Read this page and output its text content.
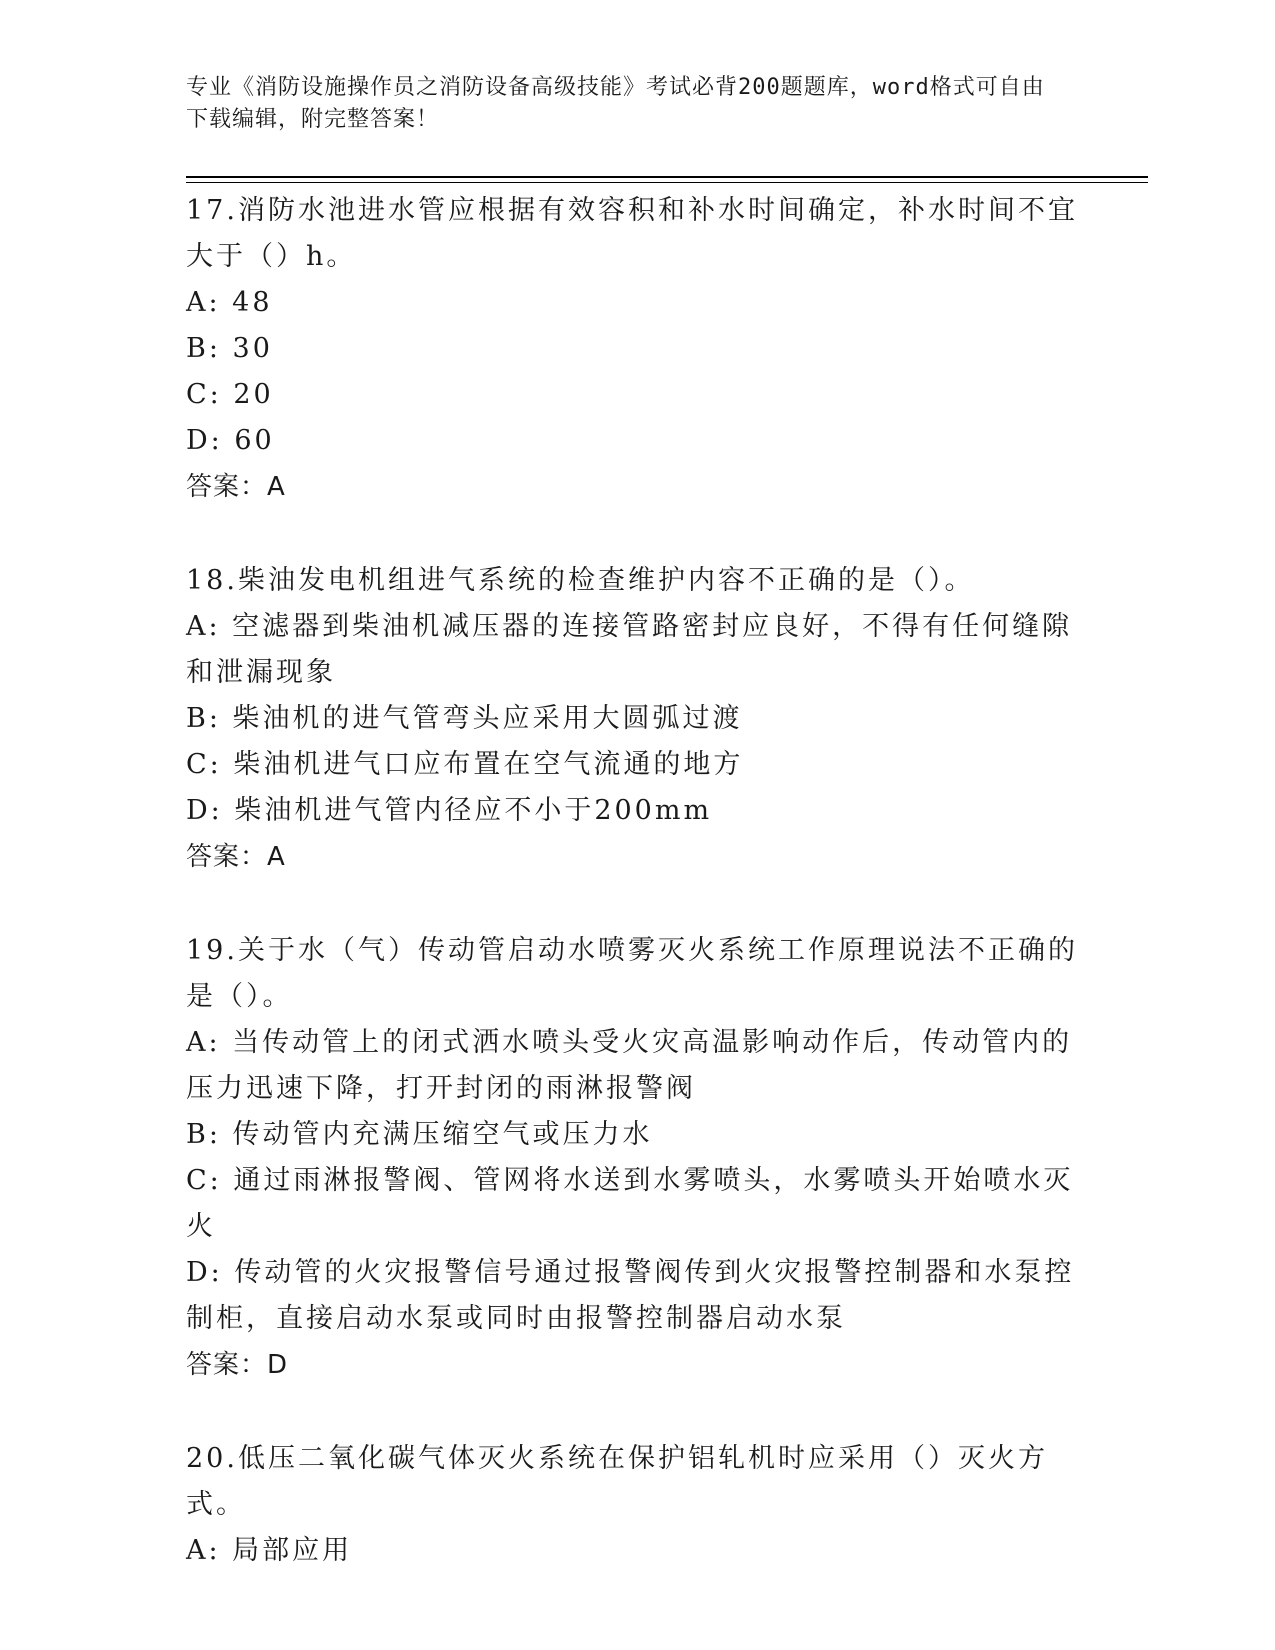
专业《消防设施操作员之消防设备高级技能》考试必背200题题库，word格式可自由下载编辑，附完整答案！

17.消防水池进水管应根据有效容积和补水时间确定，补水时间不宜大于（）h。

A: 48

B: 30

C: 20

D: 60

答案：A

18.柴油发电机组进气系统的检查维护内容不正确的是（）。

A: 空滤器到柴油机减压器的连接管路密封应良好，不得有任何缝隙和泄漏现象

B: 柴油机的进气管弯头应采用大圆弧过渡

C: 柴油机进气口应布置在空气流通的地方

D: 柴油机进气管内径应不小于200mm

答案：A

19.关于水（气）传动管启动水喷雾灭火系统工作原理说法不正确的是（）。

A: 当传动管上的闭式洒水喷头受火灾高温影响动作后，传动管内的压力迅速下降，打开封闭的雨淋报警阀

B: 传动管内充满压缩空气或压力水

C: 通过雨淋报警阀、管网将水送到水雾喷头，水雾喷头开始喷水灭火

D: 传动管的火灾报警信号通过报警阀传到火灾报警控制器和水泵控制柜，直接启动水泵或同时由报警控制器启动水泵

答案：D

20.低压二氧化碳气体灭火系统在保护铝轧机时应采用（）灭火方式。

A: 局部应用
